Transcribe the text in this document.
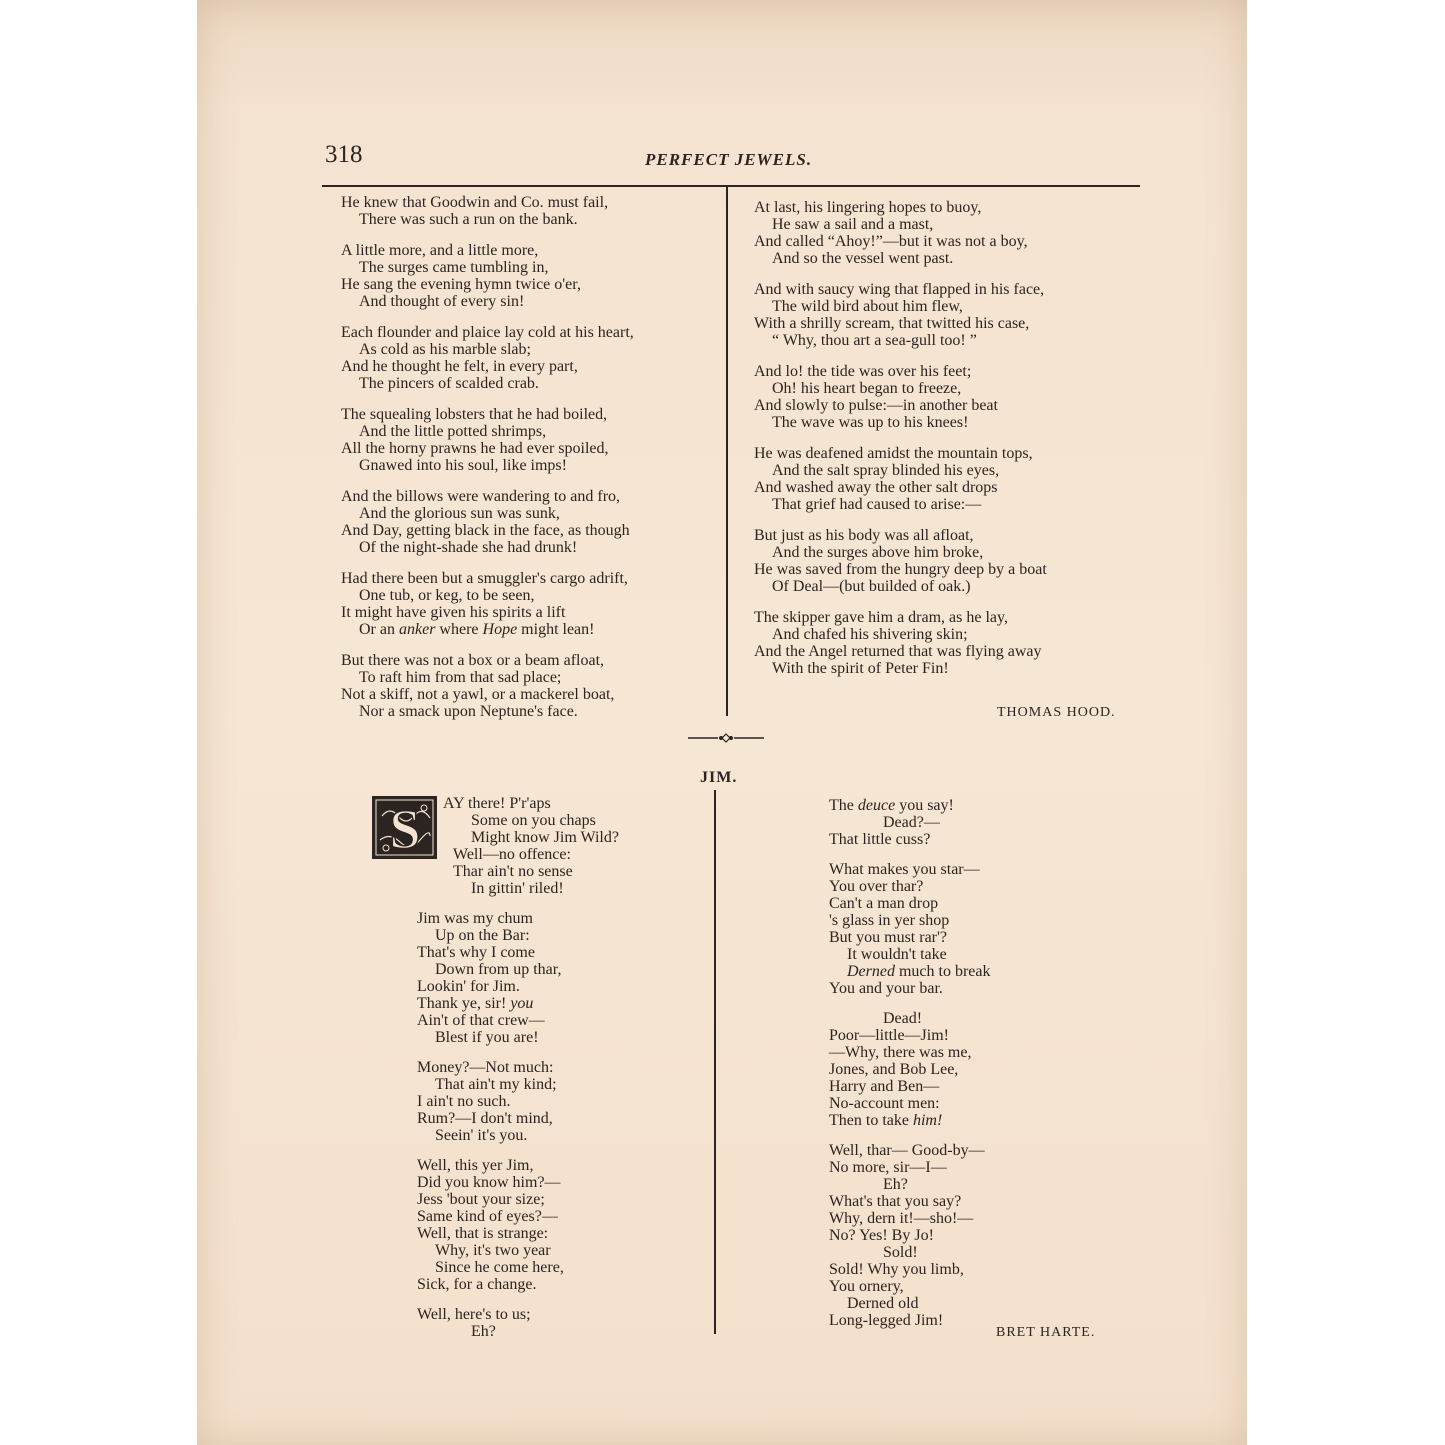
318	PERFECT JEWELS.
He knew that Goodwin and Co. must fail,
There was such a run on the bank.
A little more, and a little more,
The surges came tumbling in,
He sang the evening hymn twice o'er,
And thought of every sin!
Each flounder and plaice lay cold at his heart,
As cold as his marble slab;
And he thought he felt, in every part,
The pincers of scalded crab.
The squealing lobsters that he had boiled,
And the little potted shrimps,
All the horny prawns he had ever spoiled,
Gnawed into his soul, like imps!
And the billows were wandering to and fro,
And the glorious sun was sunk,
And Day, getting black in the face, as though
Of the night-shade she had drunk!
Had there been but a smuggler's cargo adrift,
One tub, or keg, to be seen,
It might have given his spirits a lift
Or an anker where Hope might lean!
But there was not a box or a beam afloat,
To raft him from that sad place;
Not a skiff, not a yawl, or a mackerel boat,
Nor a smack upon Neptune's face.
At last, his lingering hopes to buoy,
He saw a sail and a mast,
And called “Ahoy!”—but it was not a boy,
And so the vessel went past.
And with saucy wing that flapped in his face,
The wild bird about him flew,
With a shrilly scream, that twitted his case,
“ Why, thou art a sea-gull too! ”
And lo! the tide was over his feet;
Oh! his heart began to freeze,
And slowly to pulse:—in another beat
The wave was up to his knees!
He was deafened amidst the mountain tops,
And the salt spray blinded his eyes,
And washed away the other salt drops
That grief had caused to arise:—
But just as his body was all afloat,
And the surges above him broke,
He was saved from the hungry deep by a boat
Of Deal—(but builded of oak.)
The skipper gave him a dram, as he lay,
And chafed his shivering skin;
And the Angel returned that was flying away
With the spirit of Peter Fin!
THOMAS HOOD.
JIM.
S AY there! P'r'aps
Some on you chaps
Might know Jim Wild?
Well—no offence:
Thar ain't no sense
In gittin' riled!
Jim was my chum
Up on the Bar:
That's why I come
Down from up thar,
Lookin' for Jim.
Thank ye, sir! you
Ain't of that crew—
Blest if you are!
Money?—Not much:
That ain't my kind;
I ain't no such.
Rum?—I don't mind,
Seein' it's you.
Well, this yer Jim,
Did you know him?—
Jess 'bout your size;
Same kind of eyes?—
Well, that is strange:
Why, it's two year
Since he come here,
Sick, for a change.
Well, here's to us;
Eh?
The deuce you say!
Dead?—
That little cuss?
What makes you star—
You over thar?
Can't a man drop
's glass in yer shop
But you must rar'?
It wouldn't take
Derned much to break
You and your bar.
Dead!
Poor—little—Jim!
—Why, there was me,
Jones, and Bob Lee,
Harry and Ben—
No-account men:
Then to take him!
Well, thar— Good-by—
No more, sir—I—
Eh?
What's that you say?
Why, dern it!—sho!—
No? Yes! By Jo!
Sold!
Sold! Why you limb,
You ornery,
Derned old
Long-legged Jim!
BRET HARTE.
